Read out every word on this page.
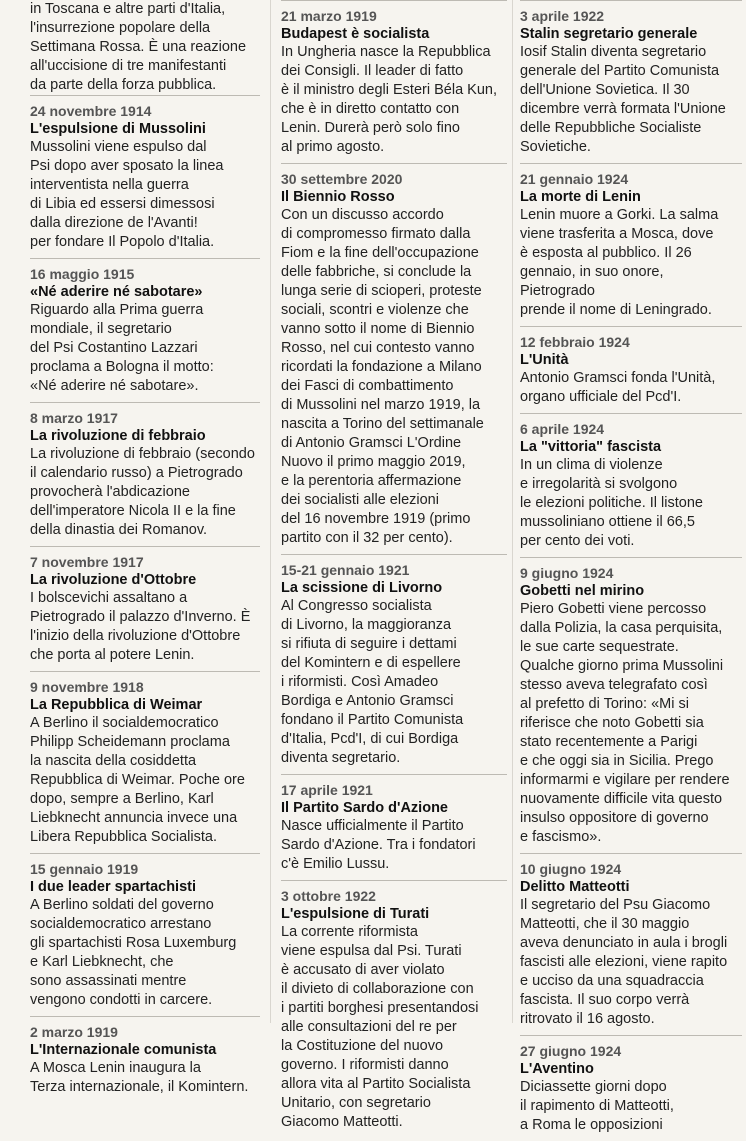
in Toscana e altre parti d'Italia,
l'insurrezione popolare della
Settimana Rossa. È una reazione
all'uccisione di tre manifestanti
da parte della forza pubblica.
24 novembre 1914
L'espulsione di Mussolini
Mussolini viene espulso dal
Psi dopo aver sposato la linea
interventista nella guerra
di Libia ed essersi dimessosi
dalla direzione de l'Avanti!
per fondare Il Popolo d'Italia.
16 maggio 1915
«Né aderire né sabotare»
Riguardo alla Prima guerra
mondiale, il segretario
del Psi Costantino Lazzari
proclama a Bologna il motto:
«Né aderire né sabotare».
8 marzo 1917
La rivoluzione di febbraio
La rivoluzione di febbraio (secondo
il calendario russo) a Pietrogrado
provocherà l'abdicazione
dell'imperatore Nicola II e la fine
della dinastia dei Romanov.
7 novembre 1917
La rivoluzione d'Ottobre
I bolscevichi assaltano a
Pietrogrado il palazzo d'Inverno. È
l'inizio della rivoluzione d'Ottobre
che porta al potere Lenin.
9 novembre 1918
La Repubblica di Weimar
A Berlino il socialdemocratico
Philipp Scheidemann proclama
la nascita della cosiddetta
Repubblica di Weimar. Poche ore
dopo, sempre a Berlino, Karl
Liebknecht annuncia invece una
Libera Repubblica Socialista.
15 gennaio 1919
I due leader spartachisti
A Berlino soldati del governo
socialdemocratico arrestano
gli spartachisti Rosa Luxemburg
e Karl Liebknecht, che
sono assassinati mentre
vengono condotti in carcere.
2 marzo 1919
L'Internazionale comunista
A Mosca Lenin inaugura la
Terza internazionale, il Komintern.
21 marzo 1919
Budapest è socialista
In Ungheria nasce la Repubblica
dei Consigli. Il leader di fatto
è il ministro degli Esteri Béla Kun,
che è in diretto contatto con
Lenin. Durerà però solo fino
al primo agosto.
30 settembre 2020
Il Biennio Rosso
Con un discusso accordo
di compromesso firmato dalla
Fiom e la fine dell'occupazione
delle fabbriche, si conclude la
lunga serie di scioperi, proteste
sociali, scontri e violenze che
vanno sotto il nome di Biennio
Rosso, nel cui contesto vanno
ricordati la fondazione a Milano
dei Fasci di combattimento
di Mussolini nel marzo 1919, la
nascita a Torino del settimanale
di Antonio Gramsci L'Ordine
Nuovo il primo maggio 2019,
e la perentoria affermazione
dei socialisti alle elezioni
del 16 novembre 1919 (primo
partito con il 32 per cento).
15-21 gennaio 1921
La scissione di Livorno
Al Congresso socialista
di Livorno, la maggioranza
si rifiuta di seguire i dettami
del Komintern e di espellere
i riformisti. Così Amadeo
Bordiga e Antonio Gramsci
fondano il Partito Comunista
d'Italia, Pcd'I, di cui Bordiga
diventa segretario.
17 aprile 1921
Il Partito Sardo d'Azione
Nasce ufficialmente il Partito
Sardo d'Azione. Tra i fondatori
c'è Emilio Lussu.
3 ottobre 1922
L'espulsione di Turati
La corrente riformista
viene espulsa dal Psi. Turati
è accusato di aver violato
il divieto di collaborazione con
i partiti borghesi presentandosi
alle consultazioni del re per
la Costituzione del nuovo
governo. I riformisti danno
allora vita al Partito Socialista
Unitario, con segretario
Giacomo Matteotti.
3 aprile 1922
Stalin segretario generale
Iosif Stalin diventa segretario
generale del Partito Comunista
dell'Unione Sovietica. Il 30
dicembre verrà formata l'Unione
delle Repubbliche Socialiste
Sovietiche.
21 gennaio 1924
La morte di Lenin
Lenin muore a Gorki. La salma
viene trasferita a Mosca, dove
è esposta al pubblico. Il 26
gennaio, in suo onore, Pietrogrado
prende il nome di Leningrado.
12 febbraio 1924
L'Unità
Antonio Gramsci fonda l'Unità,
organo ufficiale del Pcd'I.
6 aprile 1924
La "vittoria" fascista
In un clima di violenze
e irregolarità si svolgono
le elezioni politiche. Il listone
mussoliniano ottiene il 66,5
per cento dei voti.
9 giugno 1924
Gobetti nel mirino
Piero Gobetti viene percosso
dalla Polizia, la casa perquisita,
le sue carte sequestrate.
Qualche giorno prima Mussolini
stesso aveva telegrafato così
al prefetto di Torino: «Mi si
riferisce che noto Gobetti sia
stato recentemente a Parigi
e che oggi sia in Sicilia. Prego
informarmi e vigilare per rendere
nuovamente difficile vita questo
insulso oppositore di governo
e fascismo».
10 giugno 1924
Delitto Matteotti
Il segretario del Psu Giacomo
Matteotti, che il 30 maggio
aveva denunciato in aula i brogli
fascisti alle elezioni, viene rapito
e ucciso da una squadraccia
fascista. Il suo corpo verrà
ritrovato il 16 agosto.
27 giugno 1924
L'Aventino
Diciassette giorni dopo
il rapimento di Matteotti,
a Roma le opposizioni
